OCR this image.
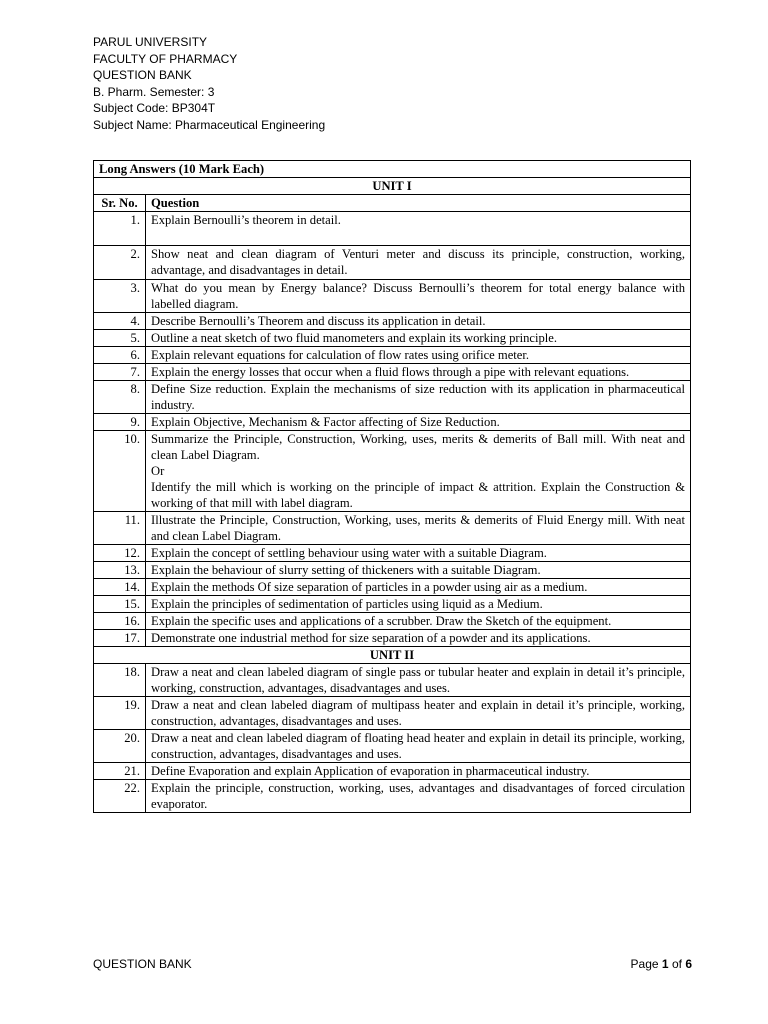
PARUL UNIVERSITY
FACULTY OF PHARMACY
QUESTION BANK
B. Pharm. Semester: 3
Subject Code: BP304T
Subject Name: Pharmaceutical Engineering
Long Answers (10 Mark Each)	
UNIT I	
Sr. No.	Question
1.	Explain Bernoulli’s theorem in detail.
2.	Show neat and clean diagram of Venturi meter and discuss its principle, construction, working, advantage, and disadvantages in detail.
3.	What do you mean by Energy balance? Discuss Bernoulli’s theorem for total energy balance with labelled diagram.
4.	Describe Bernoulli’s Theorem and discuss its application in detail.
5.	Outline a neat sketch of two fluid manometers and explain its working principle.
6.	Explain relevant equations for calculation of flow rates using orifice meter.
7.	Explain the energy losses that occur when a fluid flows through a pipe with relevant equations.
8.	Define Size reduction. Explain the mechanisms of size reduction with its application in pharmaceutical industry.
9.	Explain Objective, Mechanism & Factor affecting of Size Reduction.
10.	Summarize the Principle, Construction, Working, uses, merits & demerits of Ball mill. With neat and clean Label Diagram.
Or
Identify the mill which is working on the principle of impact & attrition. Explain the Construction & working of that mill with label diagram.
11.	Illustrate the Principle, Construction, Working, uses, merits & demerits of Fluid Energy mill. With neat and clean Label Diagram.
12.	Explain the concept of settling behaviour using water with a suitable Diagram.
13.	Explain the behaviour of slurry setting of thickeners with a suitable Diagram.
14.	Explain the methods Of size separation of particles in a powder using air as a medium.
15.	Explain the principles of sedimentation of particles using liquid as a Medium.
16.	Explain the specific uses and applications of a scrubber. Draw the Sketch of the equipment.
17.	Demonstrate one industrial method for size separation of a powder and its applications.
UNIT II	
18.	Draw a neat and clean labeled diagram of single pass or tubular heater and explain in detail it’s principle, working, construction, advantages, disadvantages and uses.
19.	Draw a neat and clean labeled diagram of multipass heater and explain in detail it’s principle, working, construction, advantages, disadvantages and uses.
20.	Draw a neat and clean labeled diagram of floating head heater and explain in detail its principle, working, construction, advantages, disadvantages and uses.
21.	Define Evaporation and explain Application of evaporation in pharmaceutical industry.
22.	Explain the principle, construction, working, uses, advantages and disadvantages of forced circulation evaporator.
QUESTION BANK	Page 1 of 6
